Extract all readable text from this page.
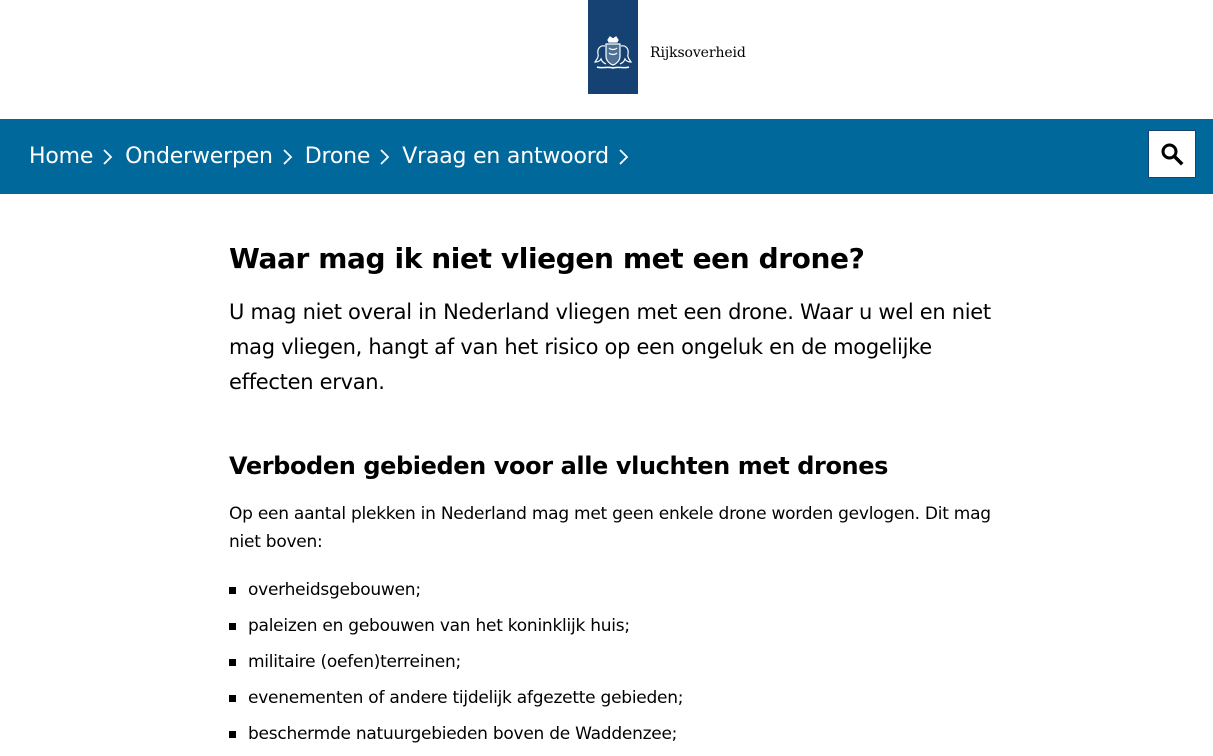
Rijksoverheid
Home Onderwerpen Drone Vraag en antwoord
Waar mag ik niet vliegen met een drone?

U mag niet overal in Nederland vliegen met een drone. Waar u wel en niet mag vliegen, hangt af van het risico op een ongeluk en de mogelijke effecten ervan.

Verboden gebieden voor alle vluchten met drones

Op een aantal plekken in Nederland mag met geen enkele drone worden gevlogen. Dit mag niet boven:

overheidsgebouwen;
paleizen en gebouwen van het koninklijk huis;
militaire (oefen)terreinen;
evenementen of andere tijdelijk afgezette gebieden;
beschermde natuurgebieden boven de Waddenzee;
